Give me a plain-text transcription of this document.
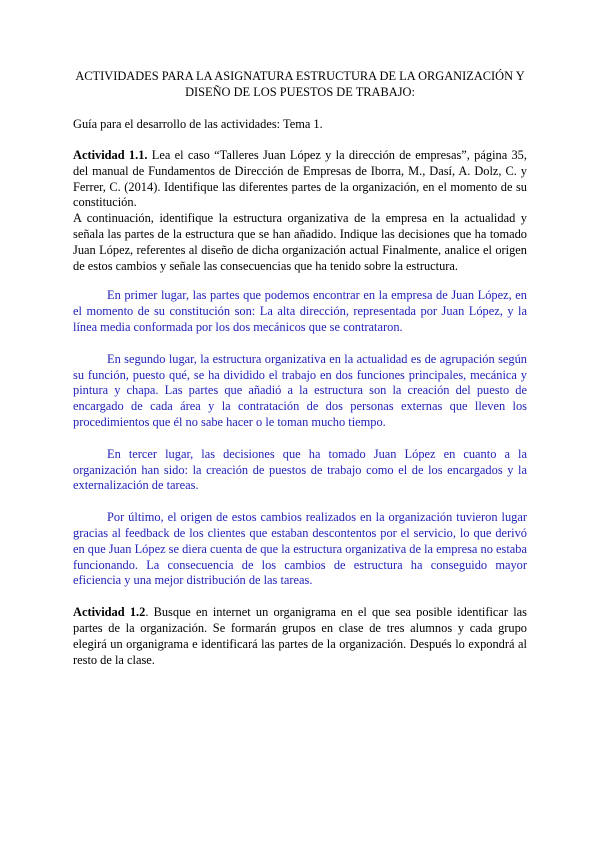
ACTIVIDADES PARA LA ASIGNATURA ESTRUCTURA DE LA ORGANIZACIÓN Y DISEÑO DE LOS PUESTOS DE TRABAJO:

Guía para el desarrollo de las actividades: Tema 1.

Actividad 1.1. Lea el caso “Talleres Juan López y la dirección de empresas”, página 35, del manual de Fundamentos de Dirección de Empresas de Iborra, M., Dasí, A. Dolz, C. y Ferrer, C. (2014). Identifique las diferentes partes de la organización, en el momento de su constitución.

A continuación, identifique la estructura organizativa de la empresa en la actualidad y señala las partes de la estructura que se han añadido. Indique las decisiones que ha tomado Juan López, referentes al diseño de dicha organización actual Finalmente, analice el origen de estos cambios y señale las consecuencias que ha tenido sobre la estructura.

En primer lugar, las partes que podemos encontrar en la empresa de Juan López, en el momento de su constitución son: La alta dirección, representada por Juan López, y la línea media conformada por los dos mecánicos que se contrataron.

En segundo lugar, la estructura organizativa en la actualidad es de agrupación según su función, puesto qué, se ha dividido el trabajo en dos funciones principales, mecánica y pintura y chapa. Las partes que añadió a la estructura son la creación del puesto de encargado de cada área y la contratación de dos personas externas que lleven los procedimientos que él no sabe hacer o le toman mucho tiempo.

En tercer lugar, las decisiones que ha tomado Juan López en cuanto a la organización han sido: la creación de puestos de trabajo como el de los encargados y la externalización de tareas.

Por último, el origen de estos cambios realizados en la organización tuvieron lugar gracias al feedback de los clientes que estaban descontentos por el servicio, lo que derivó en que Juan López se diera cuenta de que la estructura organizativa de la empresa no estaba funcionando. La consecuencia de los cambios de estructura ha conseguido mayor eficiencia y una mejor distribución de las tareas.

Actividad 1.2. Busque en internet un organigrama en el que sea posible identificar las partes de la organización. Se formarán grupos en clase de tres alumnos y cada grupo elegirá un organigrama e identificará las partes de la organización. Después lo expondrá al resto de la clase.
